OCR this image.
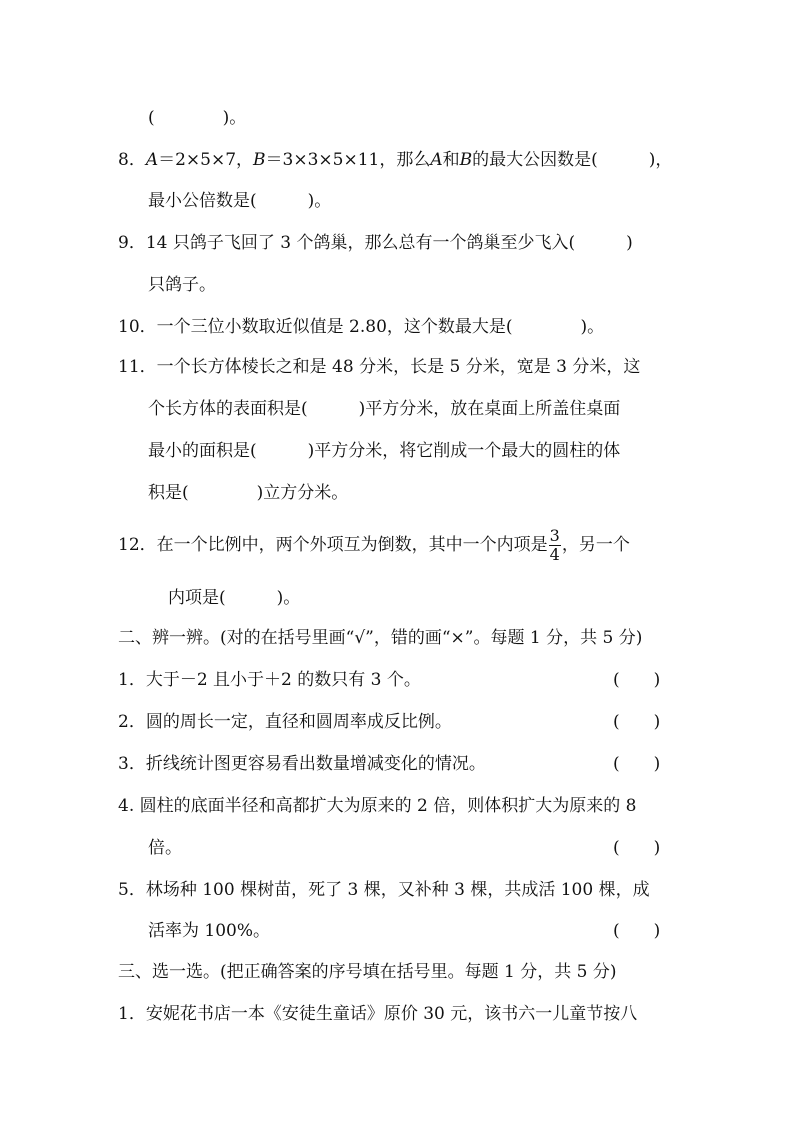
(　　　　)。
8．A＝2×5×7，B＝3×3×5×11，那么A和B的最大公因数是(　　　)，
最小公倍数是(　　　)。
9．14 只鸽子飞回了 3 个鸽巢，那么总有一个鸽巢至少飞入(　　　)
只鸽子。
10．一个三位小数取近似值是 2.80，这个数最大是(　　　　)。
11．一个长方体棱长之和是 48 分米，长是 5 分米，宽是 3 分米，这
个长方体的表面积是(　　　)平方分米，放在桌面上所盖住桌面
最小的面积是(　　　)平方分米，将它削成一个最大的圆柱的体
积是(　　　　)立方分米。
12．在一个比例中，两个外项互为倒数，其中一个内项是 $\frac{3}{4}$ ，另一个
内项是(　　　)。
二、辨一辨。(对的在括号里画“√”，错的画“×”。每题 1 分，共 5 分)
1．大于－2 且小于＋2 的数只有 3 个。	(　　)
2．圆的周长一定，直径和圆周率成反比例。	(　　)
3．折线统计图更容易看出数量增减变化的情况。	(　　)
4. 圆柱的底面半径和高都扩大为原来的 2 倍，则体积扩大为原来的 8
倍。	(　　)
5．林场种 100 棵树苗，死了 3 棵，又补种 3 棵，共成活 100 棵，成
活率为 100%。	(　　)
三、选一选。(把正确答案的序号填在括号里。每题 1 分，共 5 分)
1．安妮花书店一本《安徒生童话》原价 30 元，该书六一儿童节按八
